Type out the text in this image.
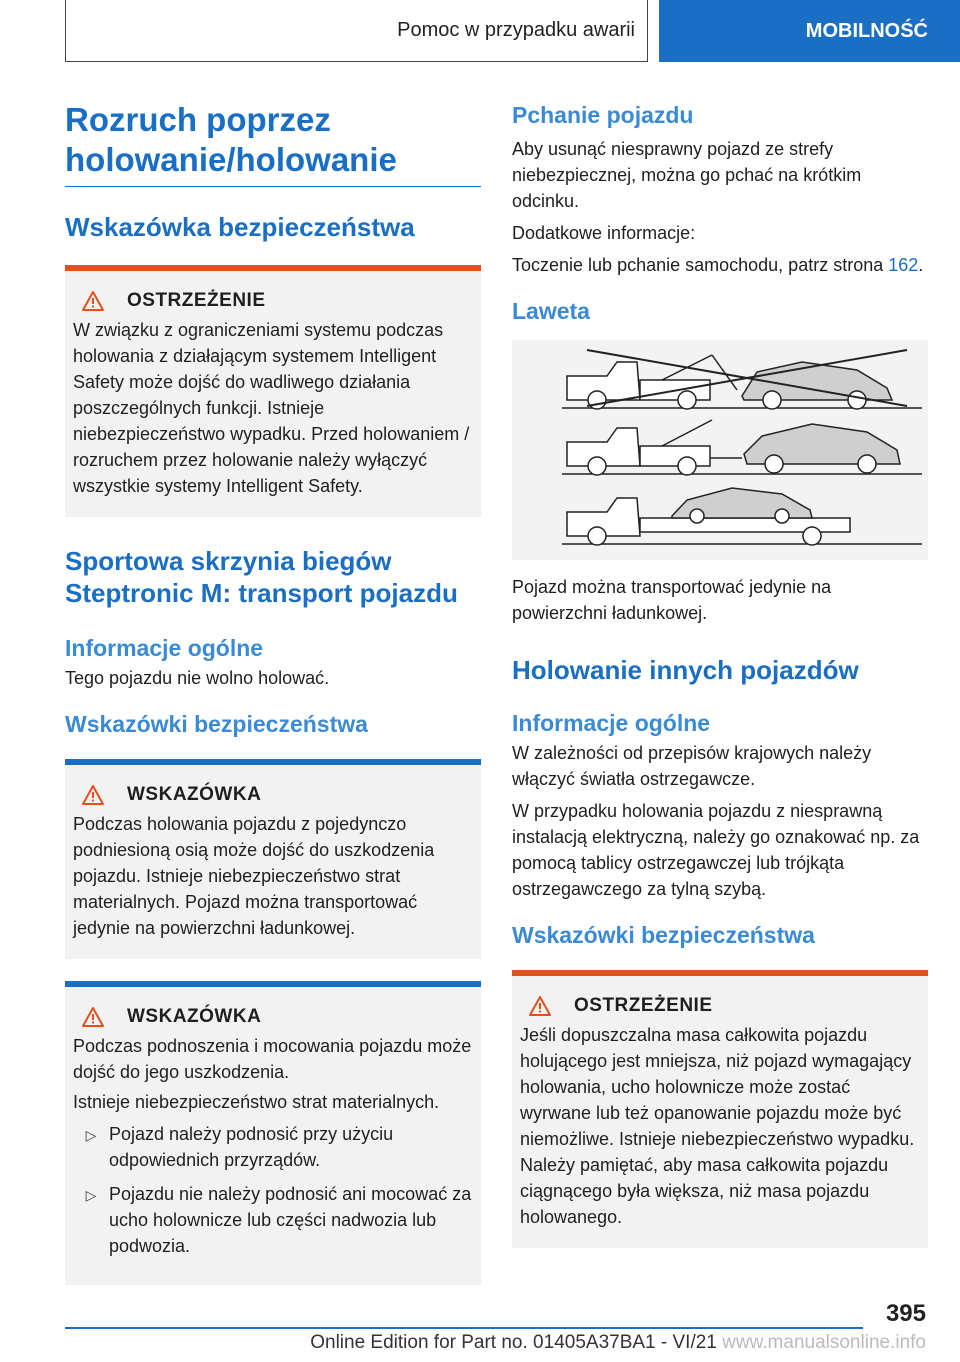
Pomoc w przypadku awarii	MOBILNOŚĆ
Rozruch poprzez holowanie/holowanie
Wskazówka bezpieczeństwa
OSTRZEŻENIE

W związku z ograniczeniami systemu podczas holowania z działającym systemem Intelligent Safety może dojść do wadliwego działania poszczególnych funkcji. Istnieje niebezpieczeństwo wypadku. Przed holowaniem / rozruchem przez holowanie należy wyłączyć wszystkie systemy Intelligent Safety.

Sportowa skrzynia biegów Steptronic M: transport pojazdu
Informacje ogólne

Tego pojazdu nie wolno holować.

Wskazówki bezpieczeństwa
WSKAZÓWKA

Podczas holowania pojazdu z pojedynczo podniesioną osią może dojść do uszkodzenia pojazdu. Istnieje niebezpieczeństwo strat materialnych. Pojazd można transportować jedynie na powierzchni ładunkowej.

WSKAZÓWKA

Podczas podnoszenia i mocowania pojazdu może dojść do jego uszkodzenia.

Istnieje niebezpieczeństwo strat materialnych.

▷ Pojazd należy podnosić przy użyciu odpowiednich przyrządów.
▷ Pojazdu nie należy podnosić ani mocować za ucho holownicze lub części nadwozia lub podwozia.
Pchanie pojazdu

Aby usunąć niesprawny pojazd ze strefy niebezpiecznej, można go pchać na krótkim odcinku.

Dodatkowe informacje:

Toczenie lub pchanie samochodu, patrz strona 162.

Laweta

Pojazd można transportować jedynie na powierzchni ładunkowej.

Holowanie innych pojazdów
Informacje ogólne

W zależności od przepisów krajowych należy włączyć światła ostrzegawcze.

W przypadku holowania pojazdu z niesprawną instalacją elektryczną, należy go oznakować np. za pomocą tablicy ostrzegawczej lub trójkąta ostrzegawczego za tylną szybą.

Wskazówki bezpieczeństwa
OSTRZEŻENIE

Jeśli dopuszczalna masa całkowita pojazdu holującego jest mniejsza, niż pojazd wymagający holowania, ucho holownicze może zostać wyrwane lub też opanowanie pojazdu może być niemożliwe. Istnieje niebezpieczeństwo wypadku. Należy pamiętać, aby masa całkowita pojazdu ciągnącego była większa, niż masa pojazdu holowanego.

395
Online Edition for Part no. 01405A37BA1 - VI/21 www.manualsonline.info
